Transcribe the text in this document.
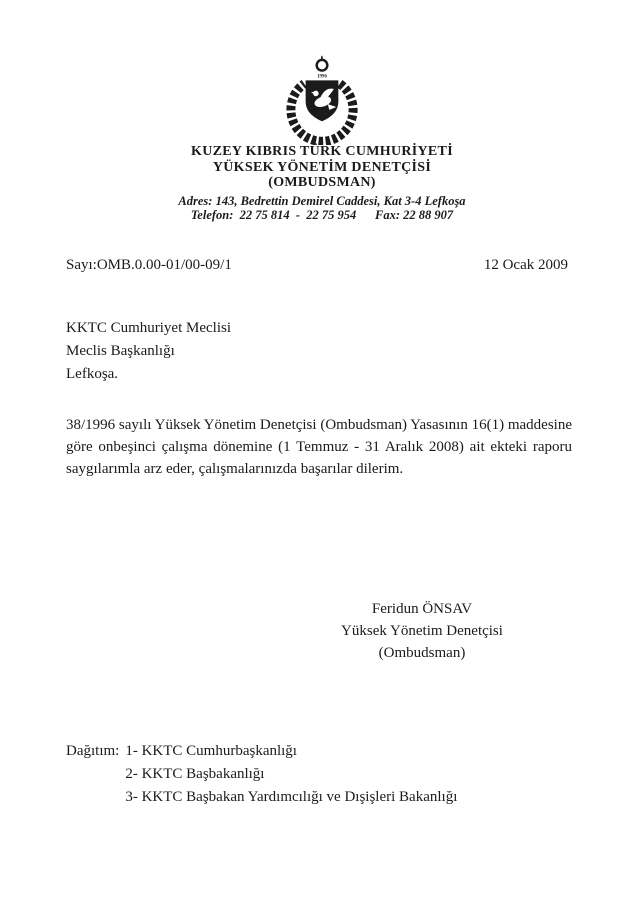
1996
KUZEY KIBRIS TÜRK CUMHURİYETİ
YÜKSEK YÖNETİM DENETÇİSİ
(OMBUDSMAN)
Adres: 143, Bedrettin Demirel Caddesi, Kat 3-4 Lefkoşa
Telefon:  22 75 814  -  22 75 954      Fax: 22 88 907
Sayı:OMB.0.00-01/00-09/1	12 Ocak 2009
KKTC Cumhuriyet Meclisi
Meclis Başkanlığı
Lefkoşa.
38/1996 sayılı Yüksek Yönetim Denetçisi (Ombudsman) Yasasının 16(1) maddesine göre onbeşinci çalışma dönemine (1 Temmuz - 31 Aralık 2008) ait ekteki raporu saygılarımla arz eder, çalışmalarınızda başarılar dilerim.
Feridun ÖNSAV
Yüksek Yönetim Denetçisi
(Ombudsman)
Dağıtım: 1- KKTC Cumhurbaşkanlığı
2- KKTC Başbakanlığı
3- KKTC Başbakan Yardımcılığı ve Dışişleri Bakanlığı
